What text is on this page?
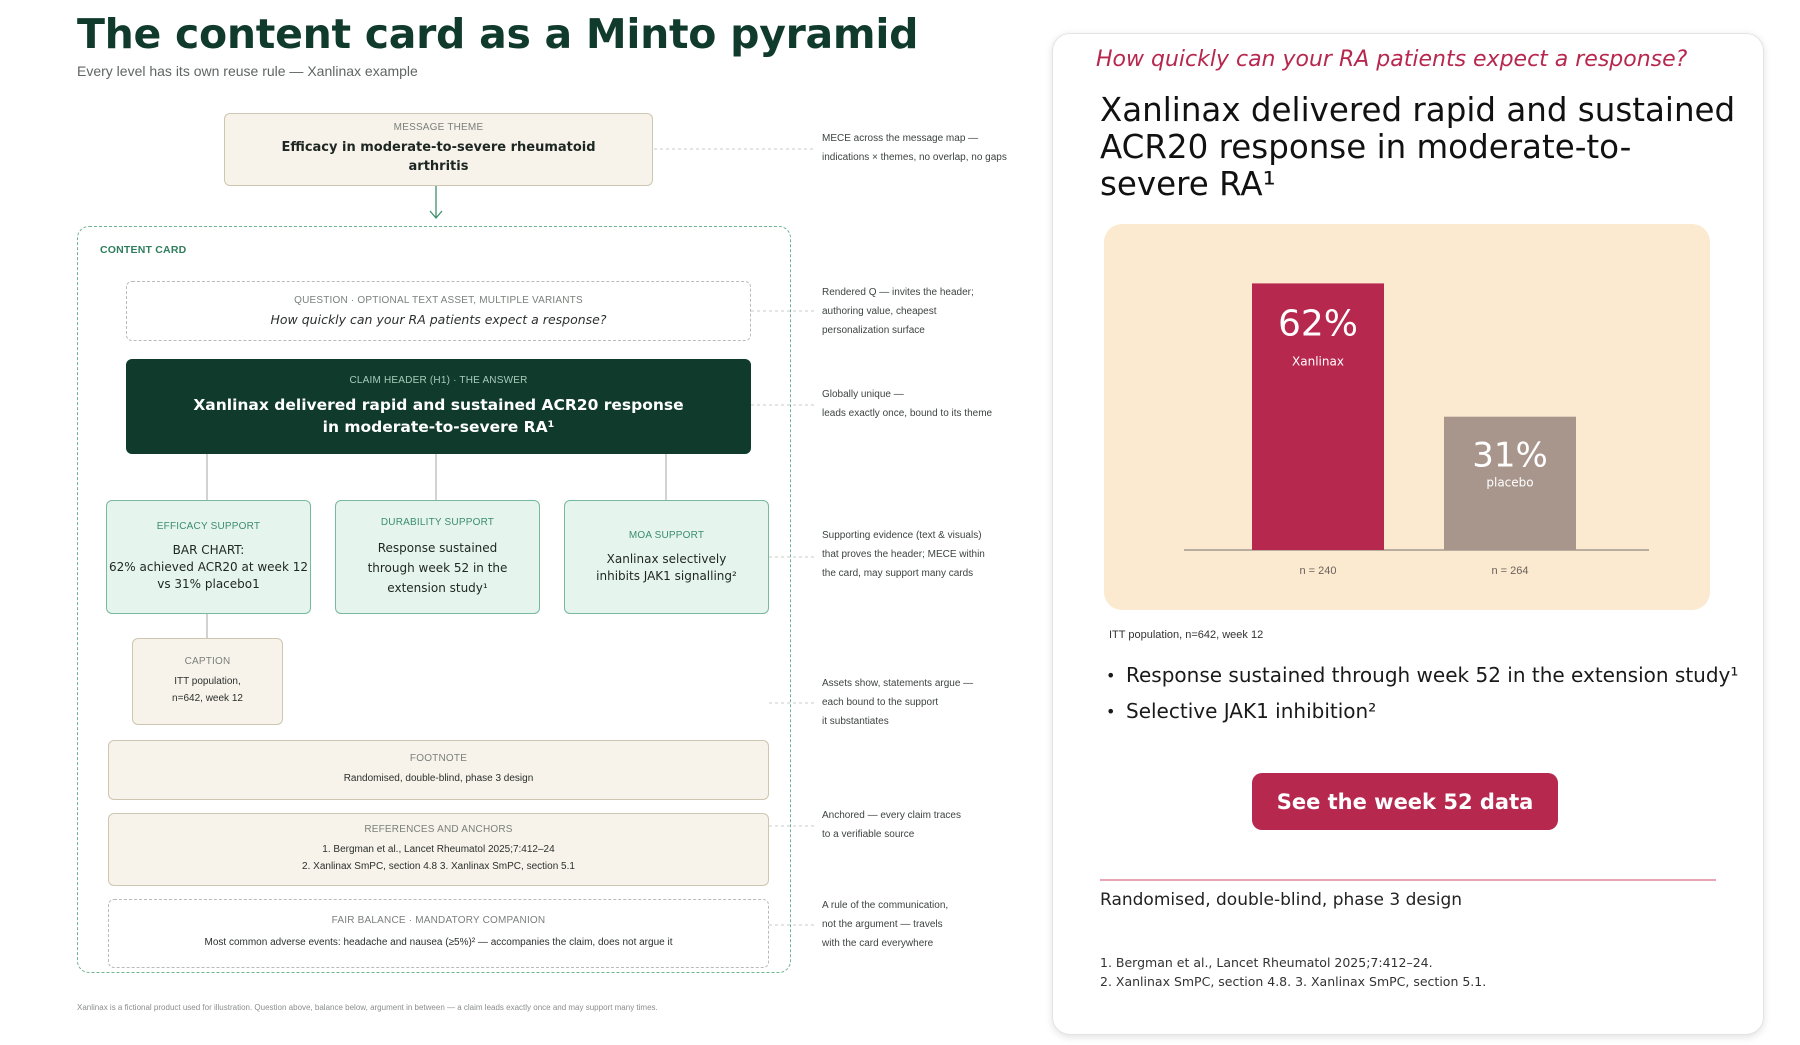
The content card as a Minto pyramid
Every level has its own reuse rule — Xanlinax example
MESSAGE THEME
Efficacy in moderate-to-severe rheumatoid arthritis
CONTENT CARD
QUESTION · OPTIONAL TEXT ASSET, MULTIPLE VARIANTS
How quickly can your RA patients expect a response?
CLAIM HEADER (H1) · THE ANSWER
Xanlinax delivered rapid and sustained ACR20 response
in moderate-to-severe RA¹
EFFICACY SUPPORT
BAR CHART:
62% achieved ACR20 at week 12
vs 31% placebo1
DURABILITY SUPPORT
Response sustained
through week 52 in the
extension study¹
MOA SUPPORT
Xanlinax selectively
inhibits JAK1 signalling²
CAPTION
ITT population,
n=642, week 12
FOOTNOTE
Randomised, double-blind, phase 3 design
REFERENCES AND ANCHORS
1. Bergman et al., Lancet Rheumatol 2025;7:412–24
2. Xanlinax SmPC, section 4.8 3. Xanlinax SmPC, section 5.1
FAIR BALANCE · MANDATORY COMPANION
Most common adverse events: headache and nausea (≥5%)² — accompanies the claim, does not argue it
MECE across the message map —
indications × themes, no overlap, no gaps
Rendered Q — invites the header;
authoring value, cheapest
personalization surface
Globally unique —
leads exactly once, bound to its theme
Supporting evidence (text & visuals)
that proves the header; MECE within
the card, may support many cards
Assets show, statements argue —
each bound to the support
it substantiates
Anchored — every claim traces
to a verifiable source
A rule of the communication,
not the argument — travels
with the card everywhere
Xanlinax is a fictional product used for illustration. Question above, balance below, argument in between — a claim leads exactly once and may support many times.
How quickly can your RA patients expect a response?
Xanlinax delivered rapid and sustained ACR20 response in moderate-to-severe RA¹
62%
Xanlinax
n = 240
31%
placebo
n = 264
ITT population, n=642, week 12
• Response sustained through week 52 in the extension study¹
• Selective JAK1 inhibition²
See the week 52 data
Randomised, double-blind, phase 3 design
1. Bergman et al., Lancet Rheumatol 2025;7:412–24.
2. Xanlinax SmPC, section 4.8. 3. Xanlinax SmPC, section 5.1.
